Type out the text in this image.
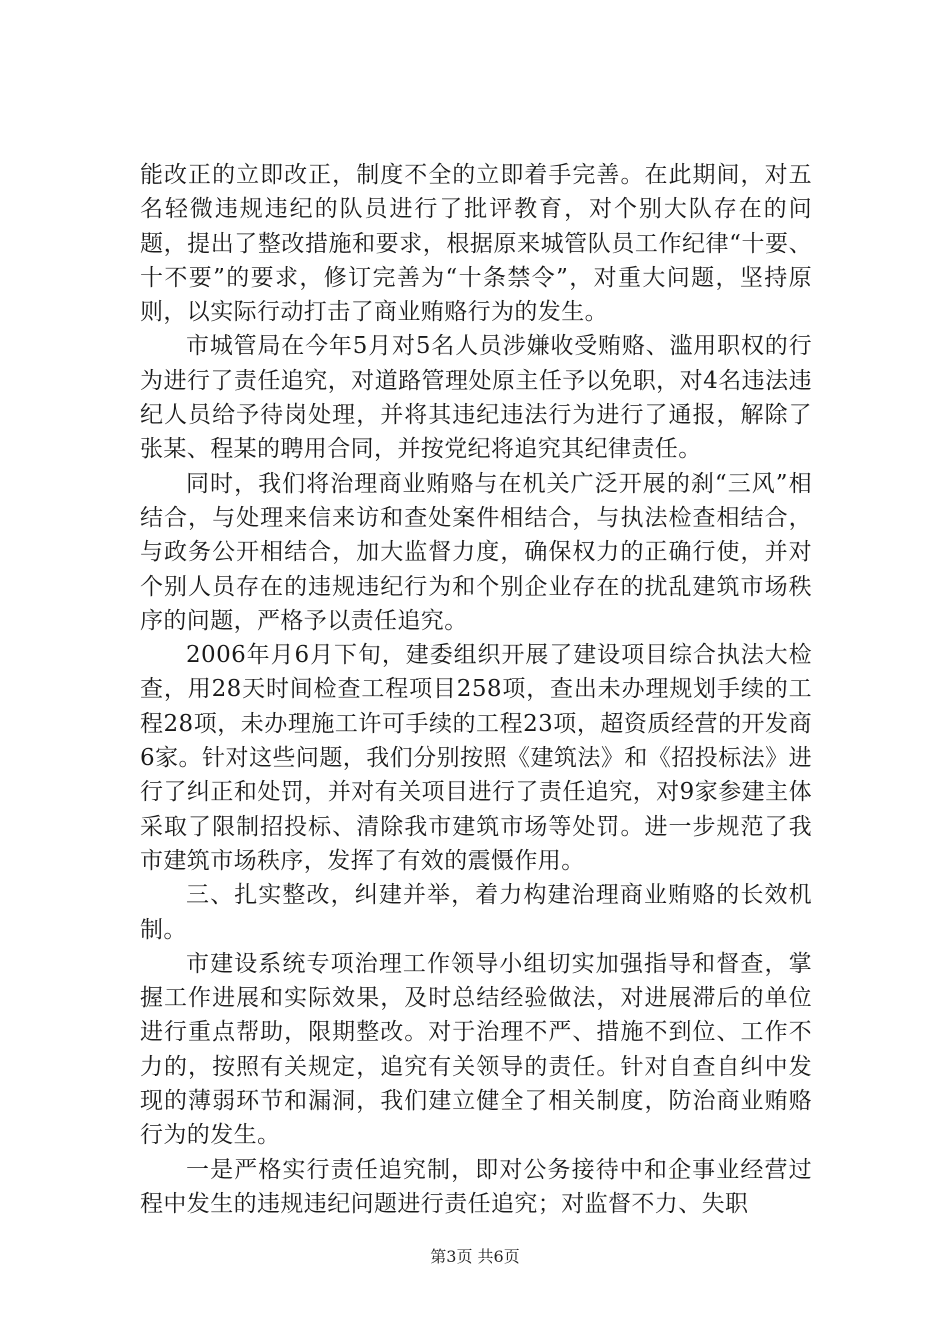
能改正的立即改正，制度不全的立即着手完善。在此期间，对五名轻微违规违纪的队员进行了批评教育，对个别大队存在的问题，提出了整改措施和要求，根据原来城管队员工作纪律“十要、十不要”的要求，修订完善为“十条禁令”，对重大问题，坚持原则，以实际行动打击了商业贿赂行为的发生。

市城管局在今年5月对5名人员涉嫌收受贿赂、滥用职权的行为进行了责任追究，对道路管理处原主任予以免职，对4名违法违纪人员给予待岗处理，并将其违纪违法行为进行了通报，解除了张某、程某的聘用合同，并按党纪将追究其纪律责任。

同时，我们将治理商业贿赂与在机关广泛开展的刹“三风”相结合，与处理来信来访和查处案件相结合，与执法检查相结合，与政务公开相结合，加大监督力度，确保权力的正确行使，并对个别人员存在的违规违纪行为和个别企业存在的扰乱建筑市场秩序的问题，严格予以责任追究。

2006年月6月下旬，建委组织开展了建设项目综合执法大检查，用28天时间检查工程项目258项，查出未办理规划手续的工程28项，未办理施工许可手续的工程23项，超资质经营的开发商6家。针对这些问题，我们分别按照《建筑法》和《招投标法》进行了纠正和处罚，并对有关项目进行了责任追究，对9家参建主体采取了限制招投标、清除我市建筑市场等处罚。进一步规范了我市建筑市场秩序，发挥了有效的震慑作用。

三、扎实整改，纠建并举，着力构建治理商业贿赂的长效机制。

市建设系统专项治理工作领导小组切实加强指导和督查，掌握工作进展和实际效果，及时总结经验做法，对进展滞后的单位进行重点帮助，限期整改。对于治理不严、措施不到位、工作不力的，按照有关规定，追究有关领导的责任。针对自查自纠中发现的薄弱环节和漏洞，我们建立健全了相关制度，防治商业贿赂行为的发生。

一是严格实行责任追究制，即对公务接待中和企事业经营过程中发生的违规违纪问题进行责任追究；对监督不力、失职

第3页 共6页
